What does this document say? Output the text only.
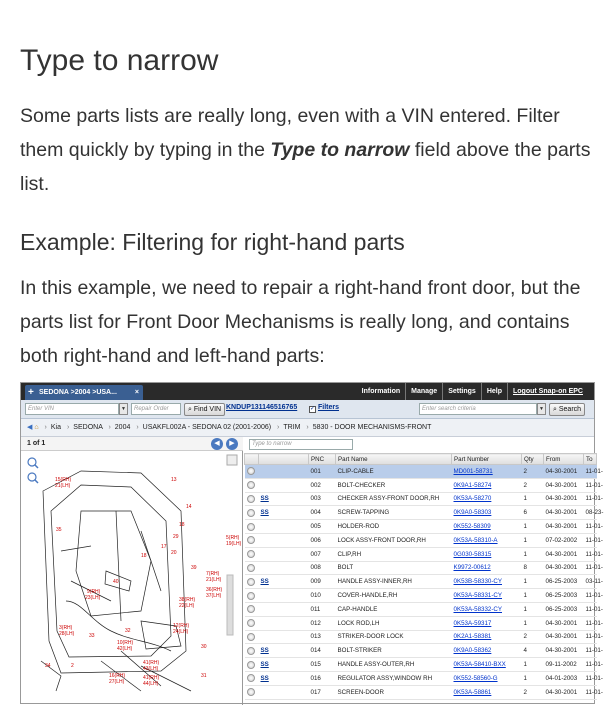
Type to narrow
Some parts lists are really long, even with a VIN entered. Filter them quickly by typing in the Type to narrow field above the parts list.
Example: Filtering for right-hand parts
In this example, we need to repair a right-hand front door, but the parts list for Front Door Mechanisms is really long, and contains both right-hand and left-hand parts:
+ SEDONA >2004 >USA...	×	Information	Manage	Settings	Help	Logout Snap-on EPC
Enter VIN	▼	Repair Order	⌕ Find VIN KNDUP131146516765 ✓ Filters	Enter search criteria	▼	⌕ Search
◀ ⌂ › Kia › SEDONA › 2004 › USAKFL002A - SEDONA 02 (2001-2006) › TRIM › 5830 - DOOR MECHANISMS-FRONT
1 of 1	◀	▶
13
35
15(RH)
21(LH)
14
18
29	5(RH)
19(LH)
17
18	20
39
7(RH)
21(LH)
40
9(RH)
23(LH)
36(RH)
37(LH)
38(RH)
22(LH)
3(RH)
28(LH)	33
32
10(RH)
42(LH)
12(RH)
24(LH)
41(RH)
43(LH)
41(RH)
44(LH)
16(RH)
27(LH)
34	2
30
31
Type to narrow
		PNC	Part Name	Part Number	Qty	From	To
		001	CLIP-CABLE	MD001-58731	2	04-30-2001	11-01-
		002	BOLT-CHECKER	0K9A1-58274	2	04-30-2001	11-01-
	SS	003	CHECKER ASSY-FRONT DOOR,RH	0K53A-58270	1	04-30-2001	11-01-
	SS	004	SCREW-TAPPING	0K9A0-58303	6	04-30-2001	08-23-
		005	HOLDER-ROD	0K552-58309	1	04-30-2001	11-01-
		006	LOCK ASSY-FRONT DOOR,RH	0K53A-58310-A	1	07-02-2002	11-01-
		007	CLIP,RH	0G030-58315	1	04-30-2001	11-01-
		008	BOLT	K9972-00612	8	04-30-2001	11-01-
	SS	009	HANDLE ASSY-INNER,RH	0K53B-58330-CY	1	06-25-2003	03-11-
		010	COVER-HANDLE,RH	0K53A-58331-CY	1	06-25-2003	11-01-
		011	CAP-HANDLE	0K53A-58332-CY	1	06-25-2003	11-01-
		012	LOCK ROD,LH	0K53A-59317	1	04-30-2001	11-01-
		013	STRIKER-DOOR LOCK	0K2A1-58381	2	04-30-2001	11-01-
	SS	014	BOLT-STRIKER	0K9A0-58362	4	04-30-2001	11-01-
	SS	015	HANDLE ASSY-OUTER,RH	0K53A-58410-BXX	1	09-11-2002	11-01-
	SS	016	REGULATOR ASSY,WINDOW RH	0K552-58560-G	1	04-01-2003	11-01-
		017	SCREEN-DOOR	0K53A-58861	2	04-30-2001	11-01-
